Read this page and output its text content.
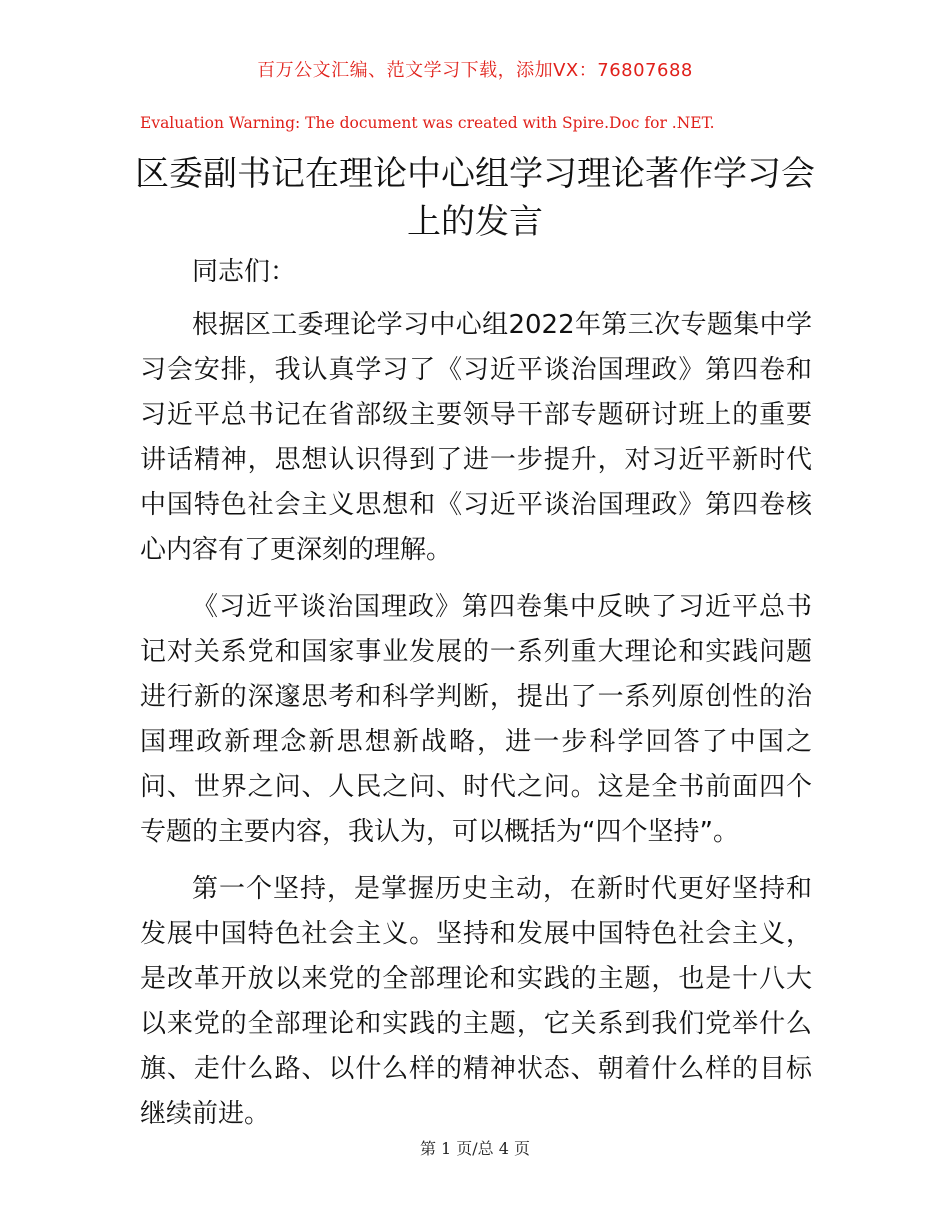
百万公文汇编、范文学习下载，添加VX：76807688
Evaluation Warning: The document was created with Spire.Doc for .NET.
区委副书记在理论中心组学习理论著作学习会上的发言

同志们：

根据区工委理论学习中心组2022年第三次专题集中学习会安排，我认真学习了《习近平谈治国理政》第四卷和习近平总书记在省部级主要领导干部专题研讨班上的重要讲话精神，思想认识得到了进一步提升，对习近平新时代中国特色社会主义思想和《习近平谈治国理政》第四卷核心内容有了更深刻的理解。

《习近平谈治国理政》第四卷集中反映了习近平总书记对关系党和国家事业发展的一系列重大理论和实践问题进行新的深邃思考和科学判断，提出了一系列原创性的治国理政新理念新思想新战略，进一步科学回答了中国之问、世界之问、人民之问、时代之问。这是全书前面四个专题的主要内容，我认为，可以概括为“四个坚持”。

第一个坚持，是掌握历史主动，在新时代更好坚持和发展中国特色社会主义。坚持和发展中国特色社会主义，是改革开放以来党的全部理论和实践的主题，也是十八大以来党的全部理论和实践的主题，它关系到我们党举什么旗、走什么路、以什么样的精神状态、朝着什么样的目标继续前进。

第 1 页/总 4 页
